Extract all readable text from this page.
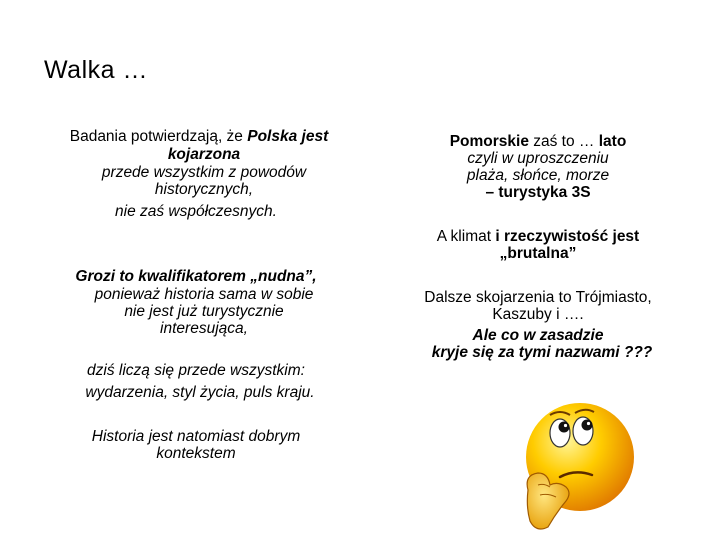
Walka …
Badania potwierdzają, że Polska jest
kojarzona
przede wszystkim z powodów
historycznych,
nie zaś współczesnych.
Grozi to kwalifikatorem „nudna”,
ponieważ historia sama w sobie
nie jest już turystycznie
interesująca,
dziś liczą się przede wszystkim:
wydarzenia, styl życia, puls kraju.
Historia jest natomiast dobrym
kontekstem
Pomorskie zaś to … lato
czyli w uproszczeniu
plaża, słońce, morze
– turystyka 3S
A klimat i rzeczywistość jest
„brutalna”
Dalsze skojarzenia to Trójmiasto,
Kaszuby i ….
Ale co w zasadzie
kryje się za tymi nazwami ???
